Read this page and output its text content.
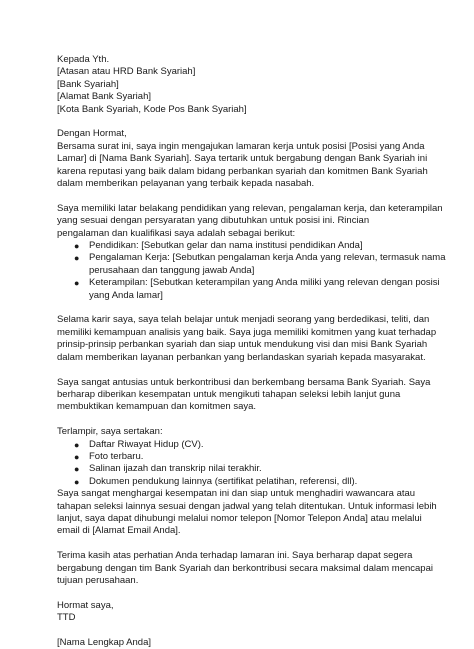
Kepada Yth.
[Atasan atau HRD Bank Syariah]
[Bank Syariah]
[Alamat Bank Syariah]
[Kota Bank Syariah, Kode Pos Bank Syariah]
Dengan Hormat,
Bersama surat ini, saya ingin mengajukan lamaran kerja untuk posisi [Posisi yang Anda
Lamar] di [Nama Bank Syariah]. Saya tertarik untuk bergabung dengan Bank Syariah ini
karena reputasi yang baik dalam bidang perbankan syariah dan komitmen Bank Syariah
dalam memberikan pelayanan yang terbaik kepada nasabah.
Saya memiliki latar belakang pendidikan yang relevan, pengalaman kerja, dan keterampilan
yang sesuai dengan persyaratan yang dibutuhkan untuk posisi ini. Rincian
pengalaman dan kualifikasi saya adalah sebagai berikut:
● Pendidikan: [Sebutkan gelar dan nama institusi pendidikan Anda]
● Pengalaman Kerja: [Sebutkan pengalaman kerja Anda yang relevan, termasuk nama
perusahaan dan tanggung jawab Anda]
● Keterampilan: [Sebutkan keterampilan yang Anda miliki yang relevan dengan posisi
yang Anda lamar]
Selama karir saya, saya telah belajar untuk menjadi seorang yang berdedikasi, teliti, dan
memiliki kemampuan analisis yang baik. Saya juga memiliki komitmen yang kuat terhadap
prinsip-prinsip perbankan syariah dan siap untuk mendukung visi dan misi Bank Syariah
dalam memberikan layanan perbankan yang berlandaskan syariah kepada masyarakat.
Saya sangat antusias untuk berkontribusi dan berkembang bersama Bank Syariah. Saya
berharap diberikan kesempatan untuk mengikuti tahapan seleksi lebih lanjut guna
membuktikan kemampuan dan komitmen saya.
Terlampir, saya sertakan:
● Daftar Riwayat Hidup (CV).
● Foto terbaru.
● Salinan ijazah dan transkrip nilai terakhir.
● Dokumen pendukung lainnya (sertifikat pelatihan, referensi, dll).
Saya sangat menghargai kesempatan ini dan siap untuk menghadiri wawancara atau
tahapan seleksi lainnya sesuai dengan jadwal yang telah ditentukan. Untuk informasi lebih
lanjut, saya dapat dihubungi melalui nomor telepon [Nomor Telepon Anda] atau melalui
email di [Alamat Email Anda].
Terima kasih atas perhatian Anda terhadap lamaran ini. Saya berharap dapat segera
bergabung dengan tim Bank Syariah dan berkontribusi secara maksimal dalam mencapai
tujuan perusahaan.
Hormat saya,
TTD
[Nama Lengkap Anda]
